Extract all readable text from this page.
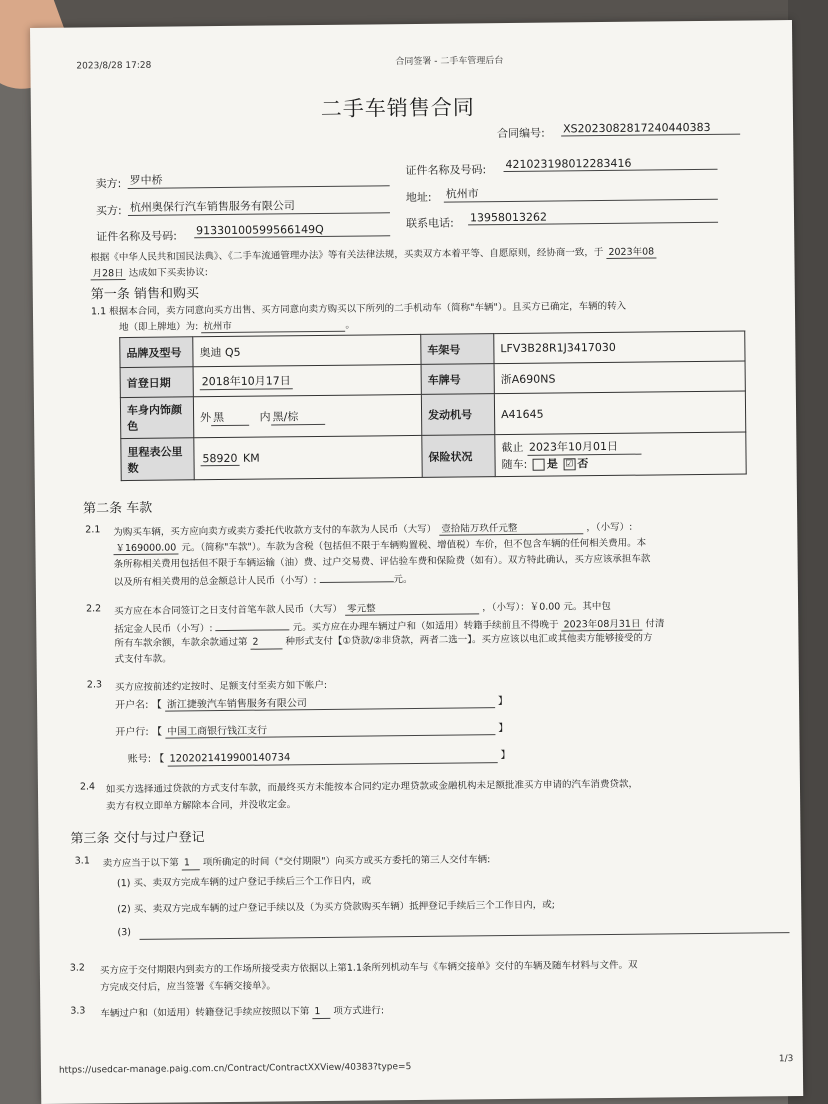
2023/8/28 17:28	合同签署 - 二手车管理后台
二手车销售合同
合同编号: XS2023082817240440383
卖方: 罗中桥
证件名称及号码: 421023198012283416
买方: 杭州奥保行汽车销售服务有限公司
地址: 杭州市
证件名称及号码: 91330100599566149Q	联系电话: 13958013262
根据《中华人民共和国民法典》、《二手车流通管理办法》等有关法律法规，买卖双方本着平等、自愿原则，经协商一致，于 2023年08
月28日 达成如下买卖协议:
第一条 销售和购买
1.1 根据本合同，卖方同意向买方出售、买方同意向卖方购买以下所列的二手机动车（简称"车辆"）。且买方已确定，车辆的转入
地（即上牌地）为: 杭州市	。
品牌及型号	奥迪 Q5	车架号	LFV3B28R1J3417030
首登日期	2018年10月17日	车牌号	浙A690NS
车身内饰颜色	外 黑 内 黑/棕	发动机号	A41645
里程表公里数	58920 KM	保险状况	截止 2023年10月01日
随车: 是 ☑ 否
第二条 车款
2.1 为购买车辆，买方应向卖方或卖方委托代收款方支付的车款为人民币（大写） 壹拾陆万玖仟元整	，（小写）:
￥169000.00 元。（简称"车款"）。车款为含税（包括但不限于车辆购置税、增值税）车价，但不包含车辆的任何相关费用。本
条所称相关费用包括但不限于车辆运输（油）费、过户交易费、评估验车费和保险费（如有）。双方特此确认，买方应该承担车款
以及所有相关费用的总金额总计人民币（小写）:	元。
2.2 买方应在本合同签订之日支付首笔车款人民币（大写） 零元整	，（小写）：￥0.00 元。其中包
括定金人民币（小写）:	元。买方应在办理车辆过户和（如适用）转籍手续前且不得晚于 2023年08月31日 付清
所有车款余额，车款余款通过第 2	种形式支付【①贷款/②非贷款，两者二选一】。买方应该以电汇或其他卖方能够接受的方
式支付车款。
2.3 买方应按前述约定按时、足额支付至卖方如下帐户:
开户名: 【 浙江捷骏汽车销售服务有限公司	】
开户行: 【 中国工商银行钱江支行	】
账号: 【 1202021419900140734	】
2.4 如买方选择通过贷款的方式支付车款，而最终买方未能按本合同约定办理贷款或金融机构未足额批准买方申请的汽车消费贷款，
卖方有权立即单方解除本合同，并没收定金。
第三条 交付与过户登记
3.1 卖方应当于以下第 1 项所确定的时间（"交付期限"）向买方或买方委托的第三人交付车辆:
(1) 买、卖双方完成车辆的过户登记手续后三个工作日内，或
(2) 买、卖双方完成车辆的过户登记手续以及（为买方贷款购买车辆）抵押登记手续后三个工作日内，或;
(3)
3.2 买方应于交付期限内到卖方的工作场所接受卖方依据以上第1.1条所列机动车与《车辆交接单》交付的车辆及随车材料与文件。双
方完成交付后，应当签署《车辆交接单》。
3.3 车辆过户和（如适用）转籍登记手续应按照以下第 1 项方式进行:
https://usedcar-manage.paig.com.cn/Contract/ContractXXView/40383?type=5
1/3
